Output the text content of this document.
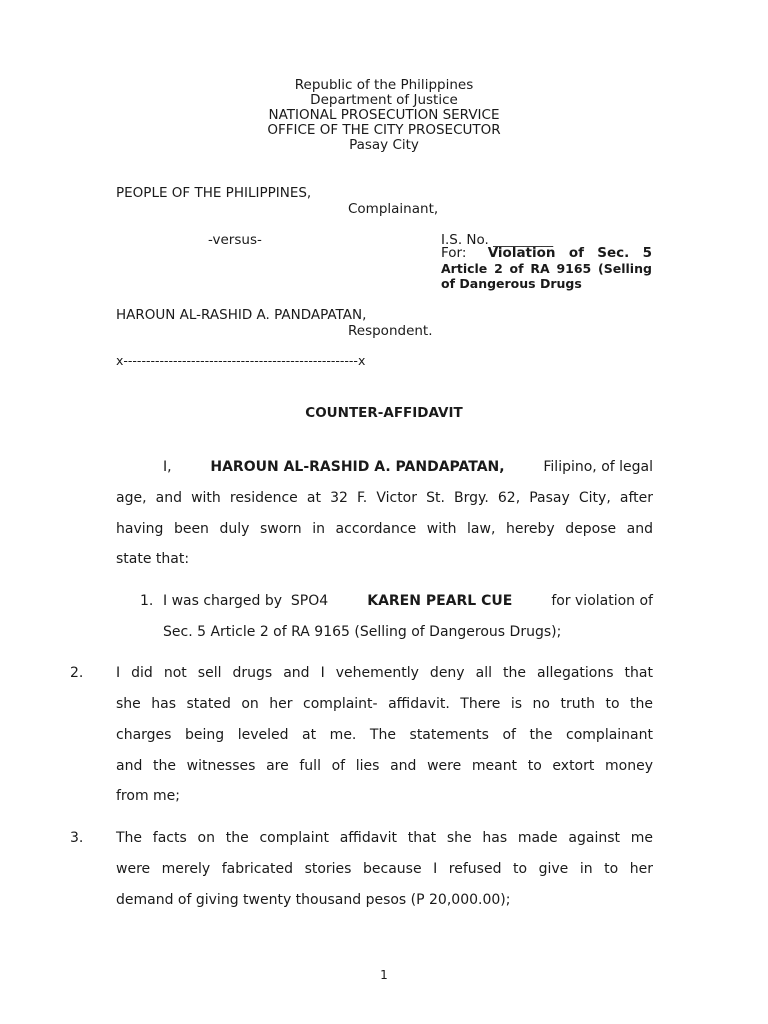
Republic of the Philippines
Department of Justice
NATIONAL PROSECUTION SERVICE
OFFICE OF THE CITY PROSECUTOR
Pasay City
PEOPLE OF THE PHILIPPINES,
Complainant,
-versus-	I.S. No. __________
For: Violation of Sec. 5
Article 2 of RA 9165 (Selling
of Dangerous Drugs
HAROUN AL-RASHID A. PANDAPATAN,
Respondent.
x----------------------------------------------------x
COUNTER-AFFIDAVIT
I,	HAROUN AL-RASHID A. PANDAPATAN,	Filipino, of legal
age, and with residence at 32 F. Victor St. Brgy. 62, Pasay City, after
having been duly sworn in accordance with law, hereby depose and
state that:
1. I was charged by  SPO4	KAREN PEARL CUE	for violation of
Sec. 5 Article 2 of RA 9165 (Selling of Dangerous Drugs);
2. I did not sell drugs and I vehemently deny all the allegations that
she has stated on her complaint- affidavit. There is no truth to the
charges being leveled at me. The statements of the complainant
and the witnesses are full of lies and were meant to extort money
from me;
3. The facts on the complaint affidavit that she has made against me
were merely fabricated stories because I refused to give in to her
demand of giving twenty thousand pesos (P 20,000.00);
1
